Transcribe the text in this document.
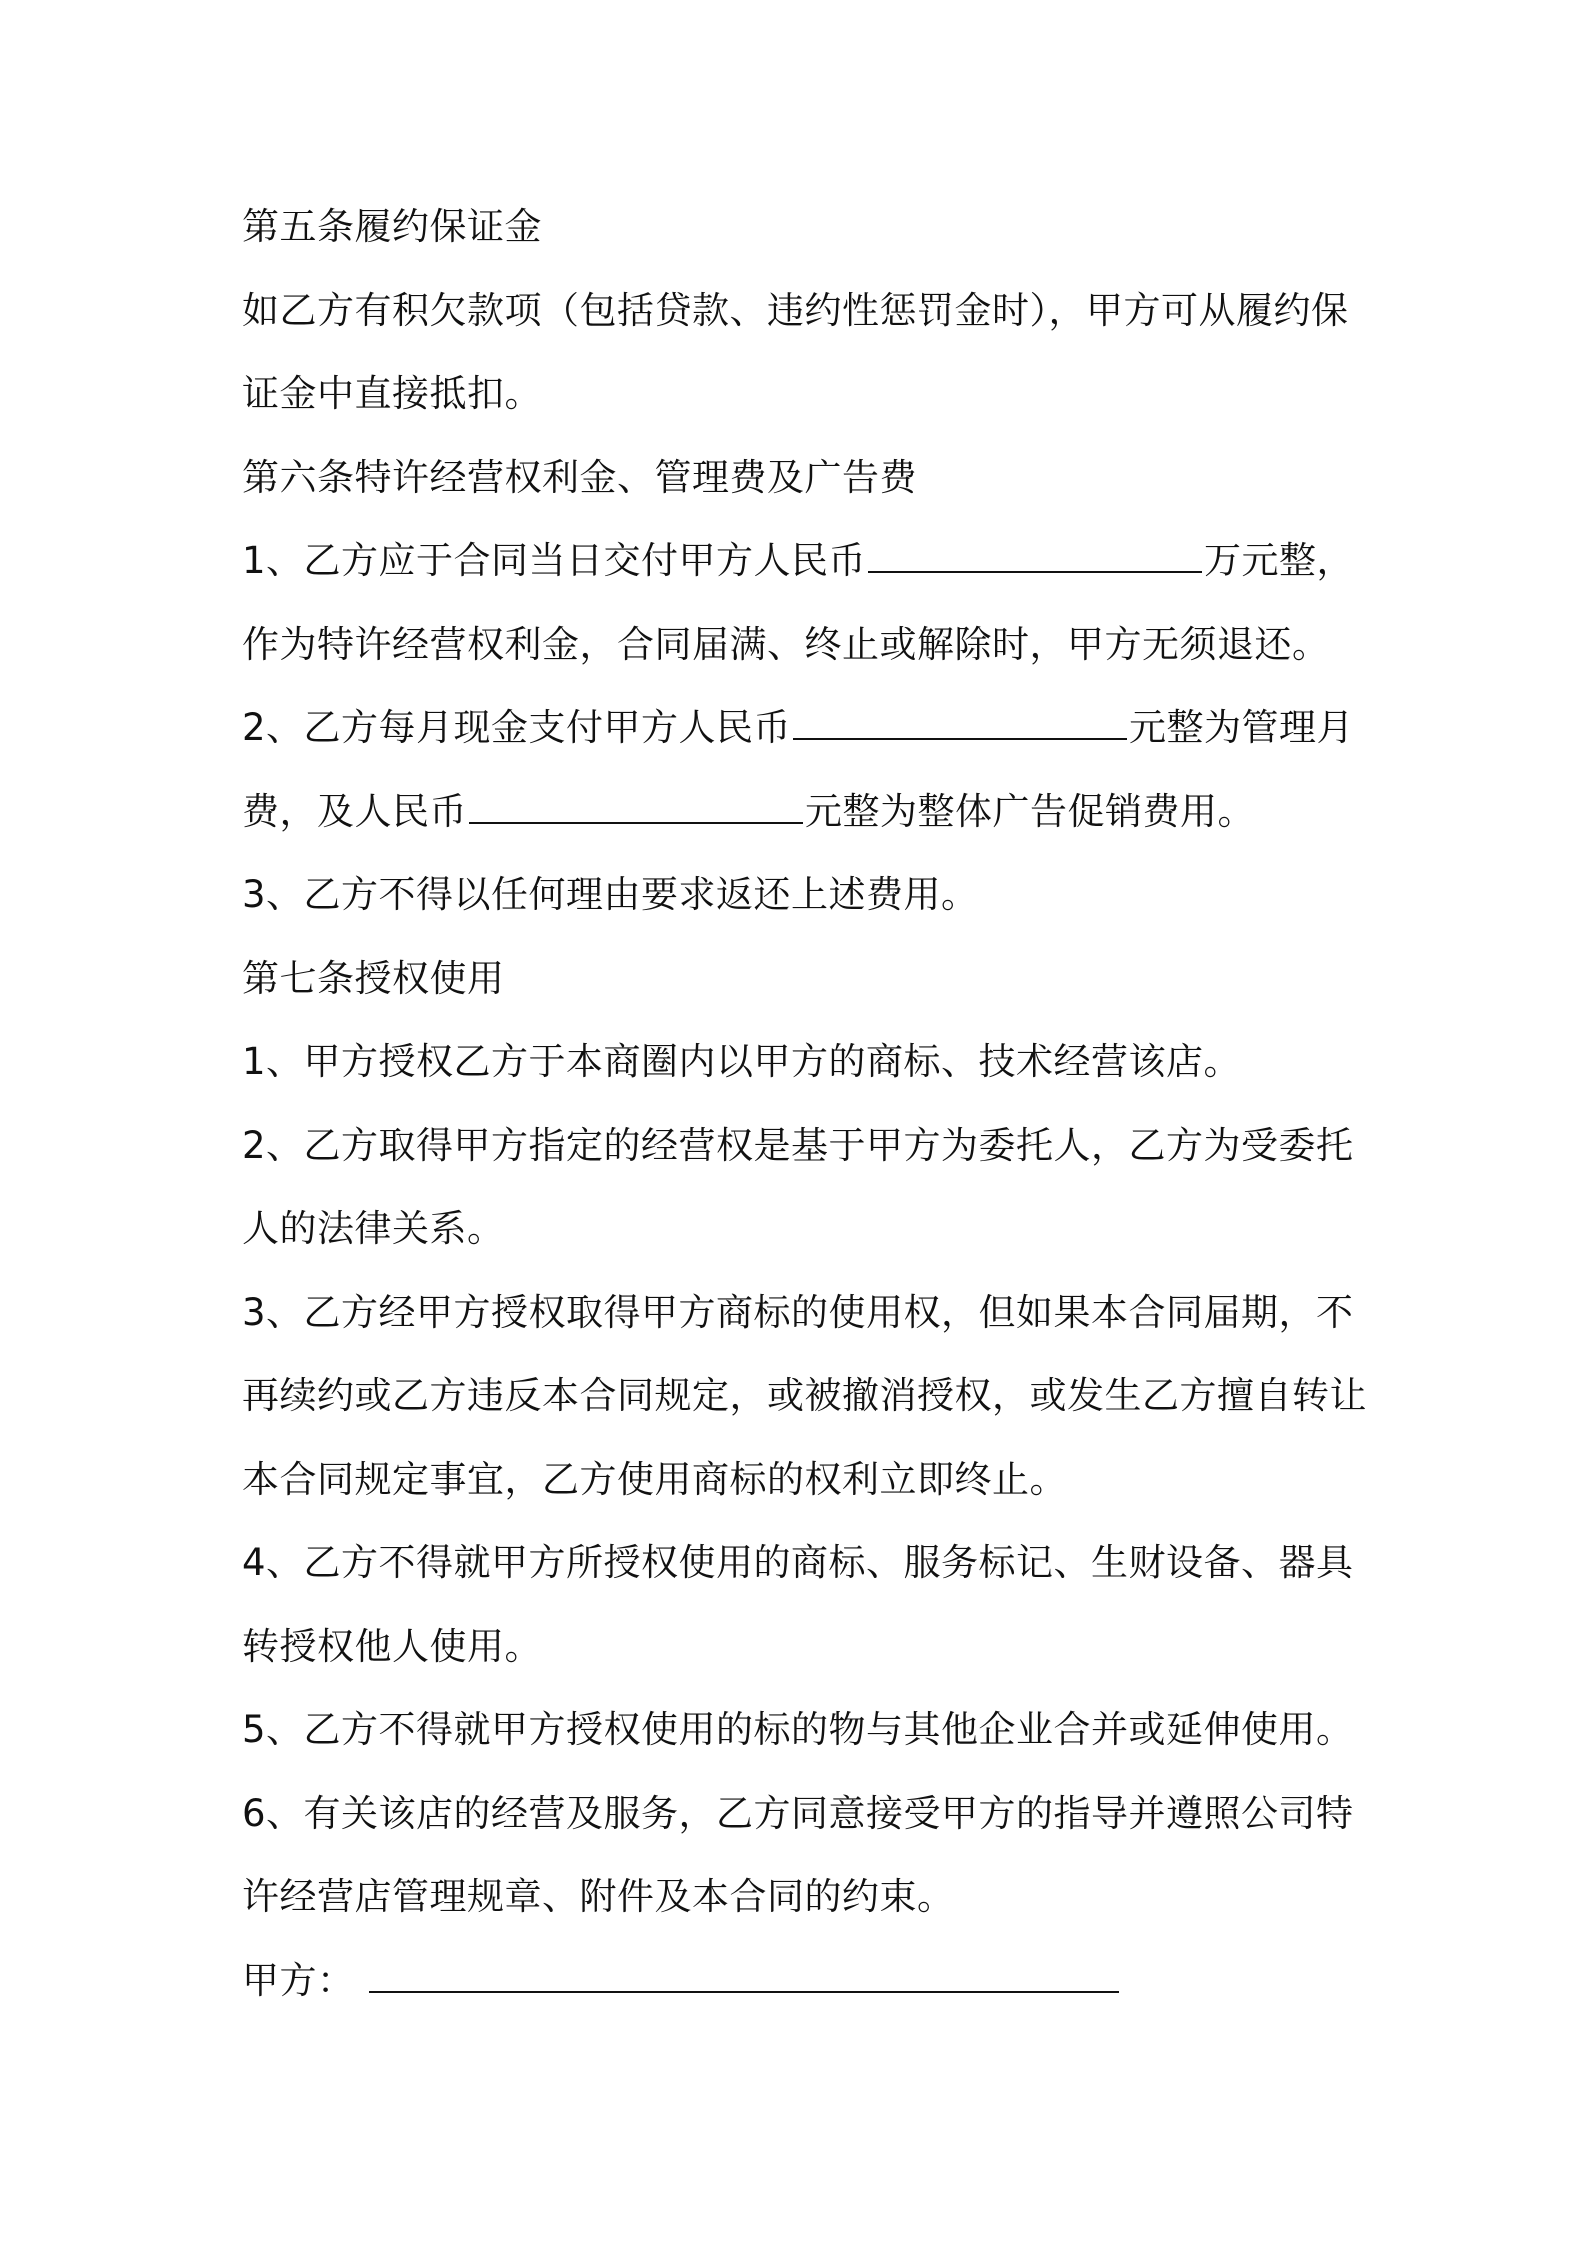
第五条履约保证金
如乙方有积欠款项（包括贷款、违约性惩罚金时），甲方可从履约保
证金中直接抵扣。
第六条特许经营权利金、管理费及广告费
1、乙方应于合同当日交付甲方人民币	万元整，
作为特许经营权利金，合同届满、终止或解除时，甲方无须退还。
2、乙方每月现金支付甲方人民币	元整为管理月
费，及人民币	元整为整体广告促销费用。
3、乙方不得以任何理由要求返还上述费用。
第七条授权使用
1、甲方授权乙方于本商圈内以甲方的商标、技术经营该店。
2、乙方取得甲方指定的经营权是基于甲方为委托人，乙方为受委托
人的法律关系。
3、乙方经甲方授权取得甲方商标的使用权，但如果本合同届期，不
再续约或乙方违反本合同规定，或被撤消授权，或发生乙方擅自转让
本合同规定事宜，乙方使用商标的权利立即终止。
4、乙方不得就甲方所授权使用的商标、服务标记、生财设备、器具
转授权他人使用。
5、乙方不得就甲方授权使用的标的物与其他企业合并或延伸使用。
6、有关该店的经营及服务，乙方同意接受甲方的指导并遵照公司特
许经营店管理规章、附件及本合同的约束。
甲方：
